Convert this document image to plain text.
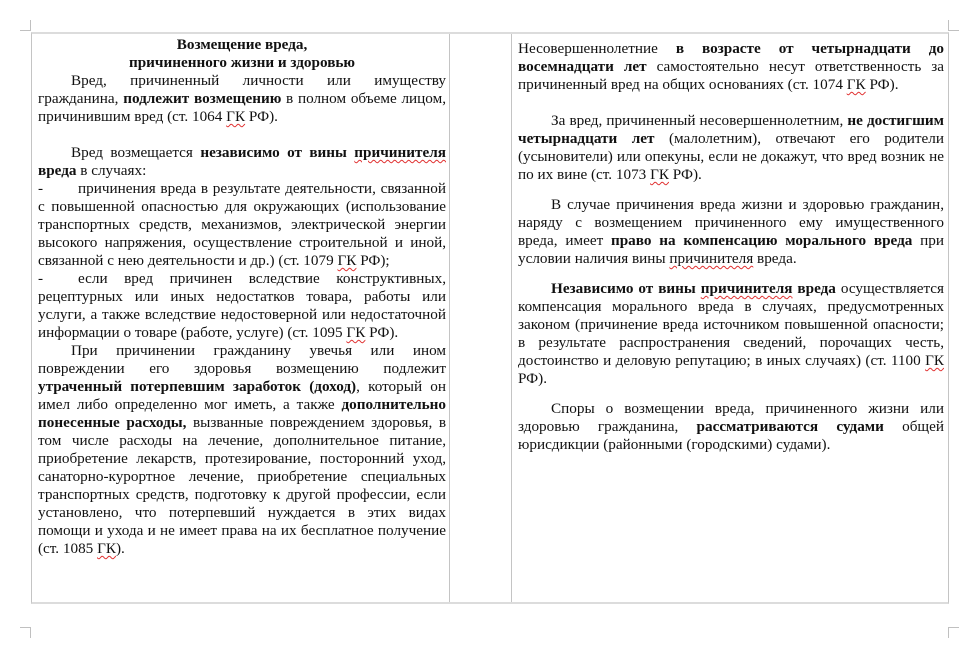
Возмещение вреда,
причиненного жизни и здоровью

Вред, причиненный личности или имуществу гражданина, подлежит возмещению в полном объеме лицом, причинившим вред (ст. 1064 ГК РФ).

Вред возмещается независимо от вины причинителя вреда в случаях:

- причинения вреда в результате деятельности, связанной с повышенной опасностью для окружающих (использование транспортных средств, механизмов, электрической энергии высокого напряжения, осуществление строительной и иной, связанной с нею деятельности и др.) (ст. 1079 ГК РФ);

- если вред причинен вследствие конструктивных, рецептурных или иных недостатков товара, работы или услуги, а также вследствие недостоверной или недостаточной информации о товаре (работе, услуге) (ст. 1095 ГК РФ).

При причинении гражданину увечья или ином повреждении его здоровья возмещению подлежит утраченный потерпевшим заработок (доход), который он имел либо определенно мог иметь, а также дополнительно понесенные расходы, вызванные повреждением здоровья, в том числе расходы на лечение, дополнительное питание, приобретение лекарств, протезирование, посторонний уход, санаторно-курортное лечение, приобретение специальных транспортных средств, подготовку к другой профессии, если установлено, что потерпевший нуждается в этих видах помощи и ухода и не имеет права на их бесплатное получение (ст. 1085 ГК).

Несовершеннолетние в возрасте от четырнадцати до восемнадцати лет самостоятельно несут ответственность за причиненный вред на общих основаниях (ст. 1074 ГК РФ).

За вред, причиненный несовершеннолетним, не достигшим четырнадцати лет (малолетним), отвечают его родители (усыновители) или опекуны, если не докажут, что вред возник не по их вине (ст. 1073 ГК РФ).

В случае причинения вреда жизни и здоровью гражданин, наряду с возмещением причиненного ему имущественного вреда, имеет право на компенсацию морального вреда при условии наличия вины причинителя вреда.

Независимо от вины причинителя вреда осуществляется компенсация морального вреда в случаях, предусмотренных законом (причинение вреда источником повышенной опасности; в результате распространения сведений, порочащих честь, достоинство и деловую репутацию; в иных случаях) (ст. 1100 ГК РФ).

Споры о возмещении вреда, причиненного жизни или здоровью гражданина, рассматриваются судами общей юрисдикции (районными (городскими) судами).
